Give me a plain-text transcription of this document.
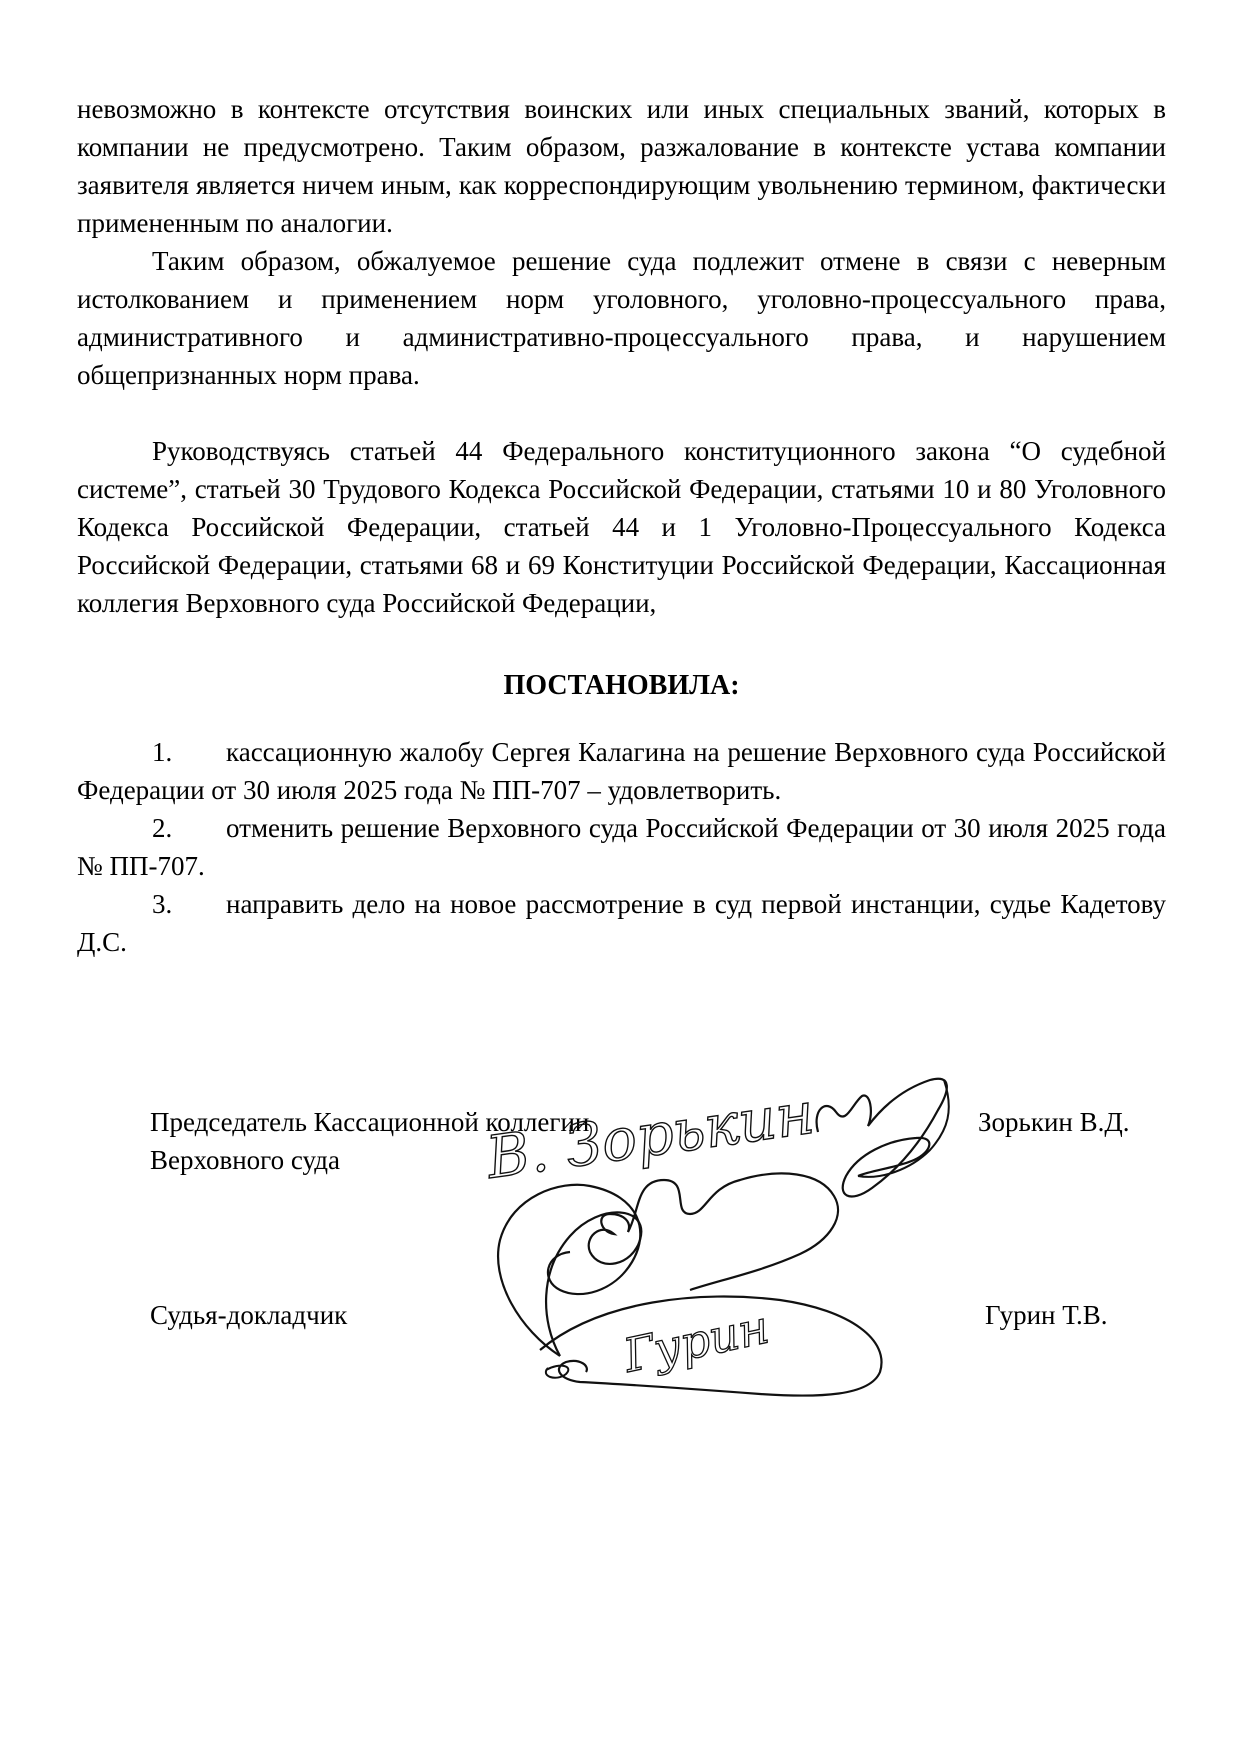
невозможно в контексте отсутствия воинских или иных специальных званий, которых в компании не предусмотрено. Таким образом, разжалование в контексте устава компании заявителя является ничем иным, как корреспондирующим увольнению термином, фактически примененным по аналогии.

Таким образом, обжалуемое решение суда подлежит отмене в связи с неверным истолкованием и применением норм уголовного, уголовно-процессуального права, административного и административно-процессуального права, и нарушением общепризнанных норм права.

Руководствуясь статьей 44 Федерального конституционного закона “О судебной системе”, статьей 30 Трудового Кодекса Российской Федерации, статьями 10 и 80 Уголовного Кодекса Российской Федерации, статьей 44 и 1 Уголовно-Процессуального Кодекса Российской Федерации, статьями 68 и 69 Конституции Российской Федерации, Кассационная коллегия Верховного суда Российской Федерации,

ПОСТАНОВИЛА:

1. кассационную жалобу Сергея Калагина на решение Верховного суда Российской Федерации от 30 июля 2025 года № ПП-707 – удовлетворить.

2. отменить решение Верховного суда Российской Федерации от 30 июля 2025 года № ПП-707.

3. направить дело на новое рассмотрение в суд первой инстанции, судье Кадетову Д.С.

Председатель Кассационной коллегии
Верховного суда
Зорькин В.Д.
Судья-докладчик	Гурин Т.В.
В. Зорькин
Гурин
